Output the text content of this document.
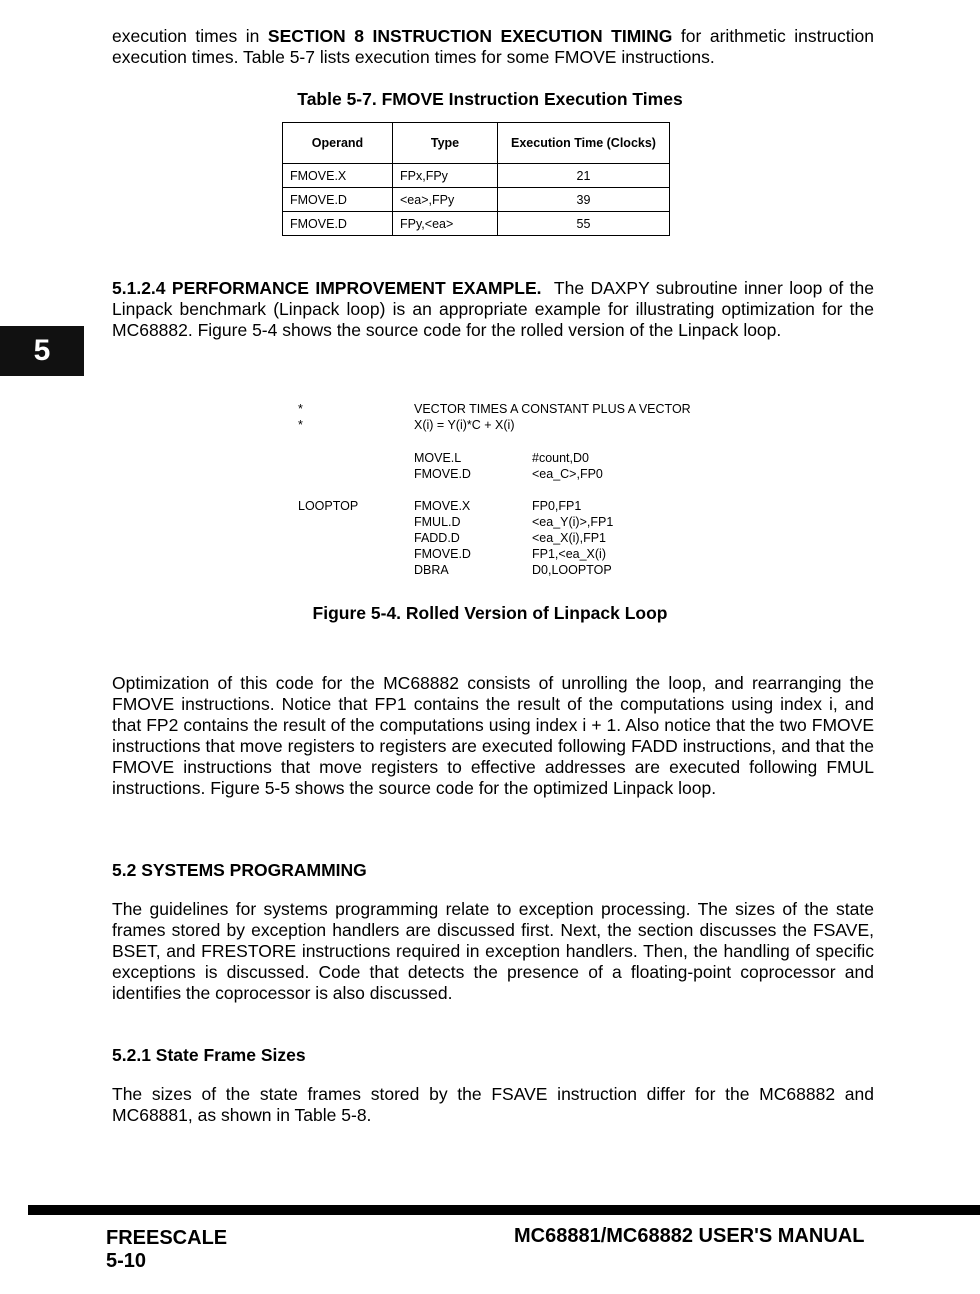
execution times in SECTION 8 INSTRUCTION EXECUTION TIMING for arithmetic instruction execution times. Table 5-7 lists execution times for some FMOVE instructions.
Table 5-7. FMOVE Instruction Execution Times
Operand	Type	Execution Time (Clocks)
FMOVE.X	FPx,FPy	21
FMOVE.D	<ea>,FPy	39
FMOVE.D	FPy,<ea>	55
5.1.2.4 PERFORMANCE IMPROVEMENT EXAMPLE. The DAXPY subroutine inner loop of the Linpack benchmark (Linpack loop) is an appropriate example for illustrating optimization for the MC68882. Figure 5-4 shows the source code for the rolled version of the Linpack loop.
5
*
*
VECTOR TIMES A CONSTANT PLUS A VECTOR
X(i) = Y(i)*C + X(i)
MOVE.L	#count,D0
FMOVE.D	<ea_C>,FP0
LOOPTOP	FMOVE.X	FP0,FP1
FMUL.D	<ea_Y(i)>,FP1
FADD.D	<ea_X(i),FP1
FMOVE.D	FP1,<ea_X(i)
DBRA	D0,LOOPTOP
Figure 5-4. Rolled Version of Linpack Loop
Optimization of this code for the MC68882 consists of unrolling the loop, and rearranging the FMOVE instructions. Notice that FP1 contains the result of the computations using index i, and that FP2 contains the result of the computations using index i + 1. Also notice that the two FMOVE instructions that move registers to registers are executed following FADD instructions, and that the FMOVE instructions that move registers to effective addresses are executed following FMUL instructions. Figure 5-5 shows the source code for the optimized Linpack loop.
5.2 SYSTEMS PROGRAMMING
The guidelines for systems programming relate to exception processing. The sizes of the state frames stored by exception handlers are discussed first. Next, the section discusses the FSAVE, BSET, and FRESTORE instructions required in exception handlers. Then, the handling of specific exceptions is discussed. Code that detects the presence of a floating-point coprocessor and identifies the coprocessor is also discussed.
5.2.1 State Frame Sizes
The sizes of the state frames stored by the FSAVE instruction differ for the MC68882 and MC68881, as shown in Table 5-8.
FREESCALE
5-10
MC68881/MC68882 USER'S MANUAL
